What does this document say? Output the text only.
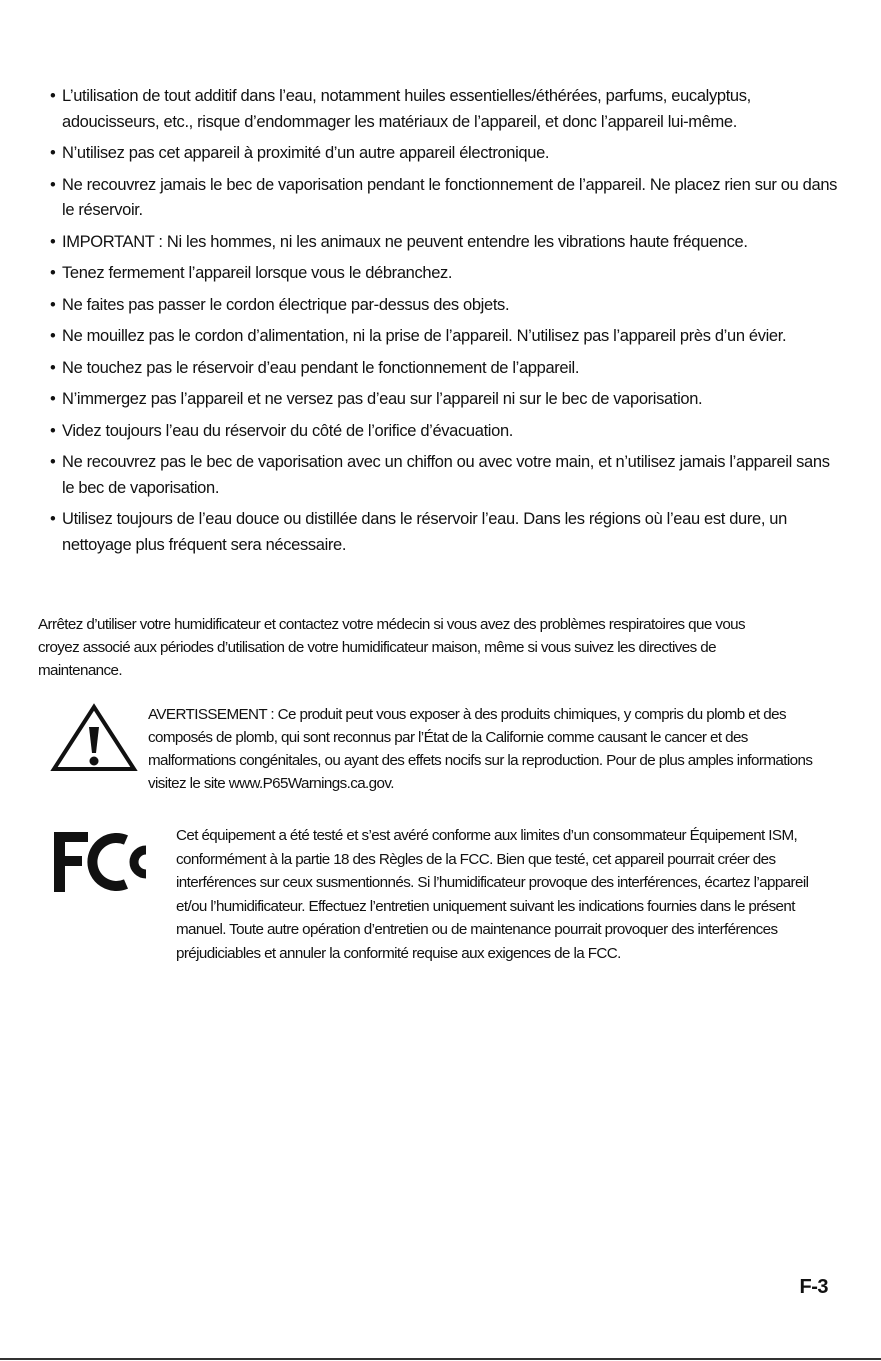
• L’utilisation de tout additif dans l’eau, notamment huiles essentielles/éthérées, parfums, eucalyptus, adoucisseurs, etc., risque d’endommager les matériaux de l’appareil, et donc l’appareil lui-même.
• N’utilisez pas cet appareil à proximité d’un autre appareil électronique.
• Ne recouvrez jamais le bec de vaporisation pendant le fonctionnement de l’appareil. Ne placez rien sur ou dans le réservoir.
• IMPORTANT : Ni les hommes, ni les animaux ne peuvent entendre les vibrations haute fréquence.
• Tenez fermement l’appareil lorsque vous le débranchez.
• Ne faites pas passer le cordon électrique par-dessus des objets.
• Ne mouillez pas le cordon d’alimentation, ni la prise de l’appareil. N’utilisez pas l’appareil près d’un évier.
• Ne touchez pas le réservoir d’eau pendant le fonctionnement de l’appareil.
• N’immergez pas l’appareil et ne versez pas d’eau sur l’appareil ni sur le bec de vaporisation.
• Videz toujours l’eau du réservoir du côté de l’orifice d’évacuation.
• Ne recouvrez pas le bec de vaporisation avec un chiffon ou avec votre main, et n’utilisez jamais l’appareil sans le bec de vaporisation.
• Utilisez toujours de l’eau douce ou distillée dans le réservoir l’eau. Dans les régions où l’eau est dure, un nettoyage plus fréquent sera nécessaire.

Arrêtez d’utiliser votre humidificateur et contactez votre médecin si vous avez des problèmes respiratoires que vous croyez associé aux périodes d’utilisation de votre humidificateur maison, même si vous suivez les directives de maintenance.

AVERTISSEMENT : Ce produit peut vous exposer à des produits chimiques, y compris du plomb et des composés de plomb, qui sont reconnus par l’État de la Californie comme causant le cancer et des malformations congénitales, ou ayant des effets nocifs sur la reproduction. Pour de plus amples informations visitez le site www.P65Warnings.ca.gov.

Cet équipement a été testé et s’est avéré conforme aux limites d’un consommateur Équipement ISM, conformément à la partie 18 des Règles de la FCC. Bien que testé, cet appareil pourrait créer des interférences sur ceux susmentionnés. Si l’humidificateur provoque des interférences, écartez l’appareil et/ou l’humidificateur. Effectuez l’entretien uniquement suivant les indications fournies dans le présent manuel. Toute autre opération d’entretien ou de maintenance pourrait provoquer des interférences préjudiciables et annuler la conformité requise aux exigences de la FCC.

F-3
